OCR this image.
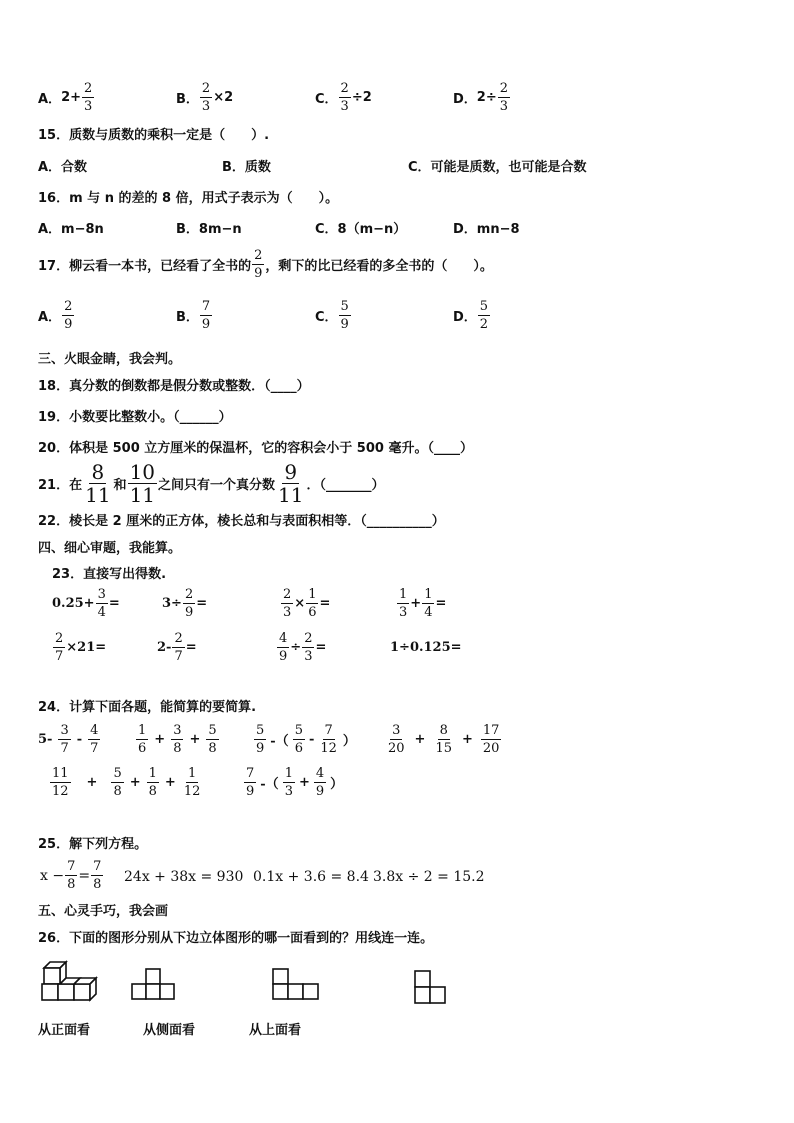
A． $2+ \frac{2}{3}$	B． $\frac{2}{3} \times 2$	C． $\frac{2}{3} \div 2$	D． $2\div \frac{2}{3}$
15．质数与质数的乘积一定是（　　）.
A．合数	B．质数	C．可能是质数，也可能是合数
16．m 与 n 的差的 8 倍，用式子表示为（　　）。
A．m−8n	B．8m−n	C．8（m−n）	D．mn−8
17．柳云看一本书，已经看了全书的 $\frac{2}{9}$ ，剩下的比已经看的多全书的（　　）。
A． $\frac{2}{9}$	B． $\frac{7}{9}$	C． $\frac{5}{9}$	D． $\frac{5}{2}$
三、火眼金睛，我会判。
18．真分数的倒数都是假分数或整数．（____）
19．小数要比整数小。（______）
20．体积是 500 立方厘米的保温杯，它的容积会小于 500 毫升。（____）
21．在 $\frac{8}{11}$ 和 $\frac{10}{11}$ 之间只有一个真分数 $\frac{9}{11}$ ．（_______）
22．棱长是 2 厘米的正方体，棱长总和与表面积相等．（__________）
四、细心审题，我能算。
23．直接写出得数.
$0.25+ \frac{3}{4}$ =	$3\div \frac{2}{9}$ =	$\frac{2}{3} \times \frac{1}{6}$ =	$\frac{1}{3} + \frac{1}{4}$ =
$\frac{2}{7} \times 21=$	$2- \frac{2}{7}$ =	$\frac{4}{9} \div \frac{2}{3}$ =	1÷0.125=
24．计算下面各题，能简算的要简算.
$5- \frac{3}{7} - \frac{4}{7}$	$\frac{1}{6} + \frac{3}{8} + \frac{5}{8}$	$\frac{5}{9}$ -（ $\frac{5}{6} - \frac{7}{12}$ ） $\frac{3}{20} + \frac{8}{15} + \frac{17}{20}$
$\frac{11}{12} + \frac{5}{8} + \frac{1}{8} + \frac{1}{12}$	$\frac{7}{9}$ -（ $\frac{1}{3} + \frac{4}{9}$ ）
25．解下列方程。
$x - \frac{7}{8} = \frac{7}{8} 24x + 38x = 930$ 0.1x + 3.6 = 8.4 3.8x ÷ 2 = 15.2
五、心灵手巧，我会画
26．下面的图形分别从下边立体图形的哪一面看到的？用线连一连。
从正面看	从侧面看	从上面看
